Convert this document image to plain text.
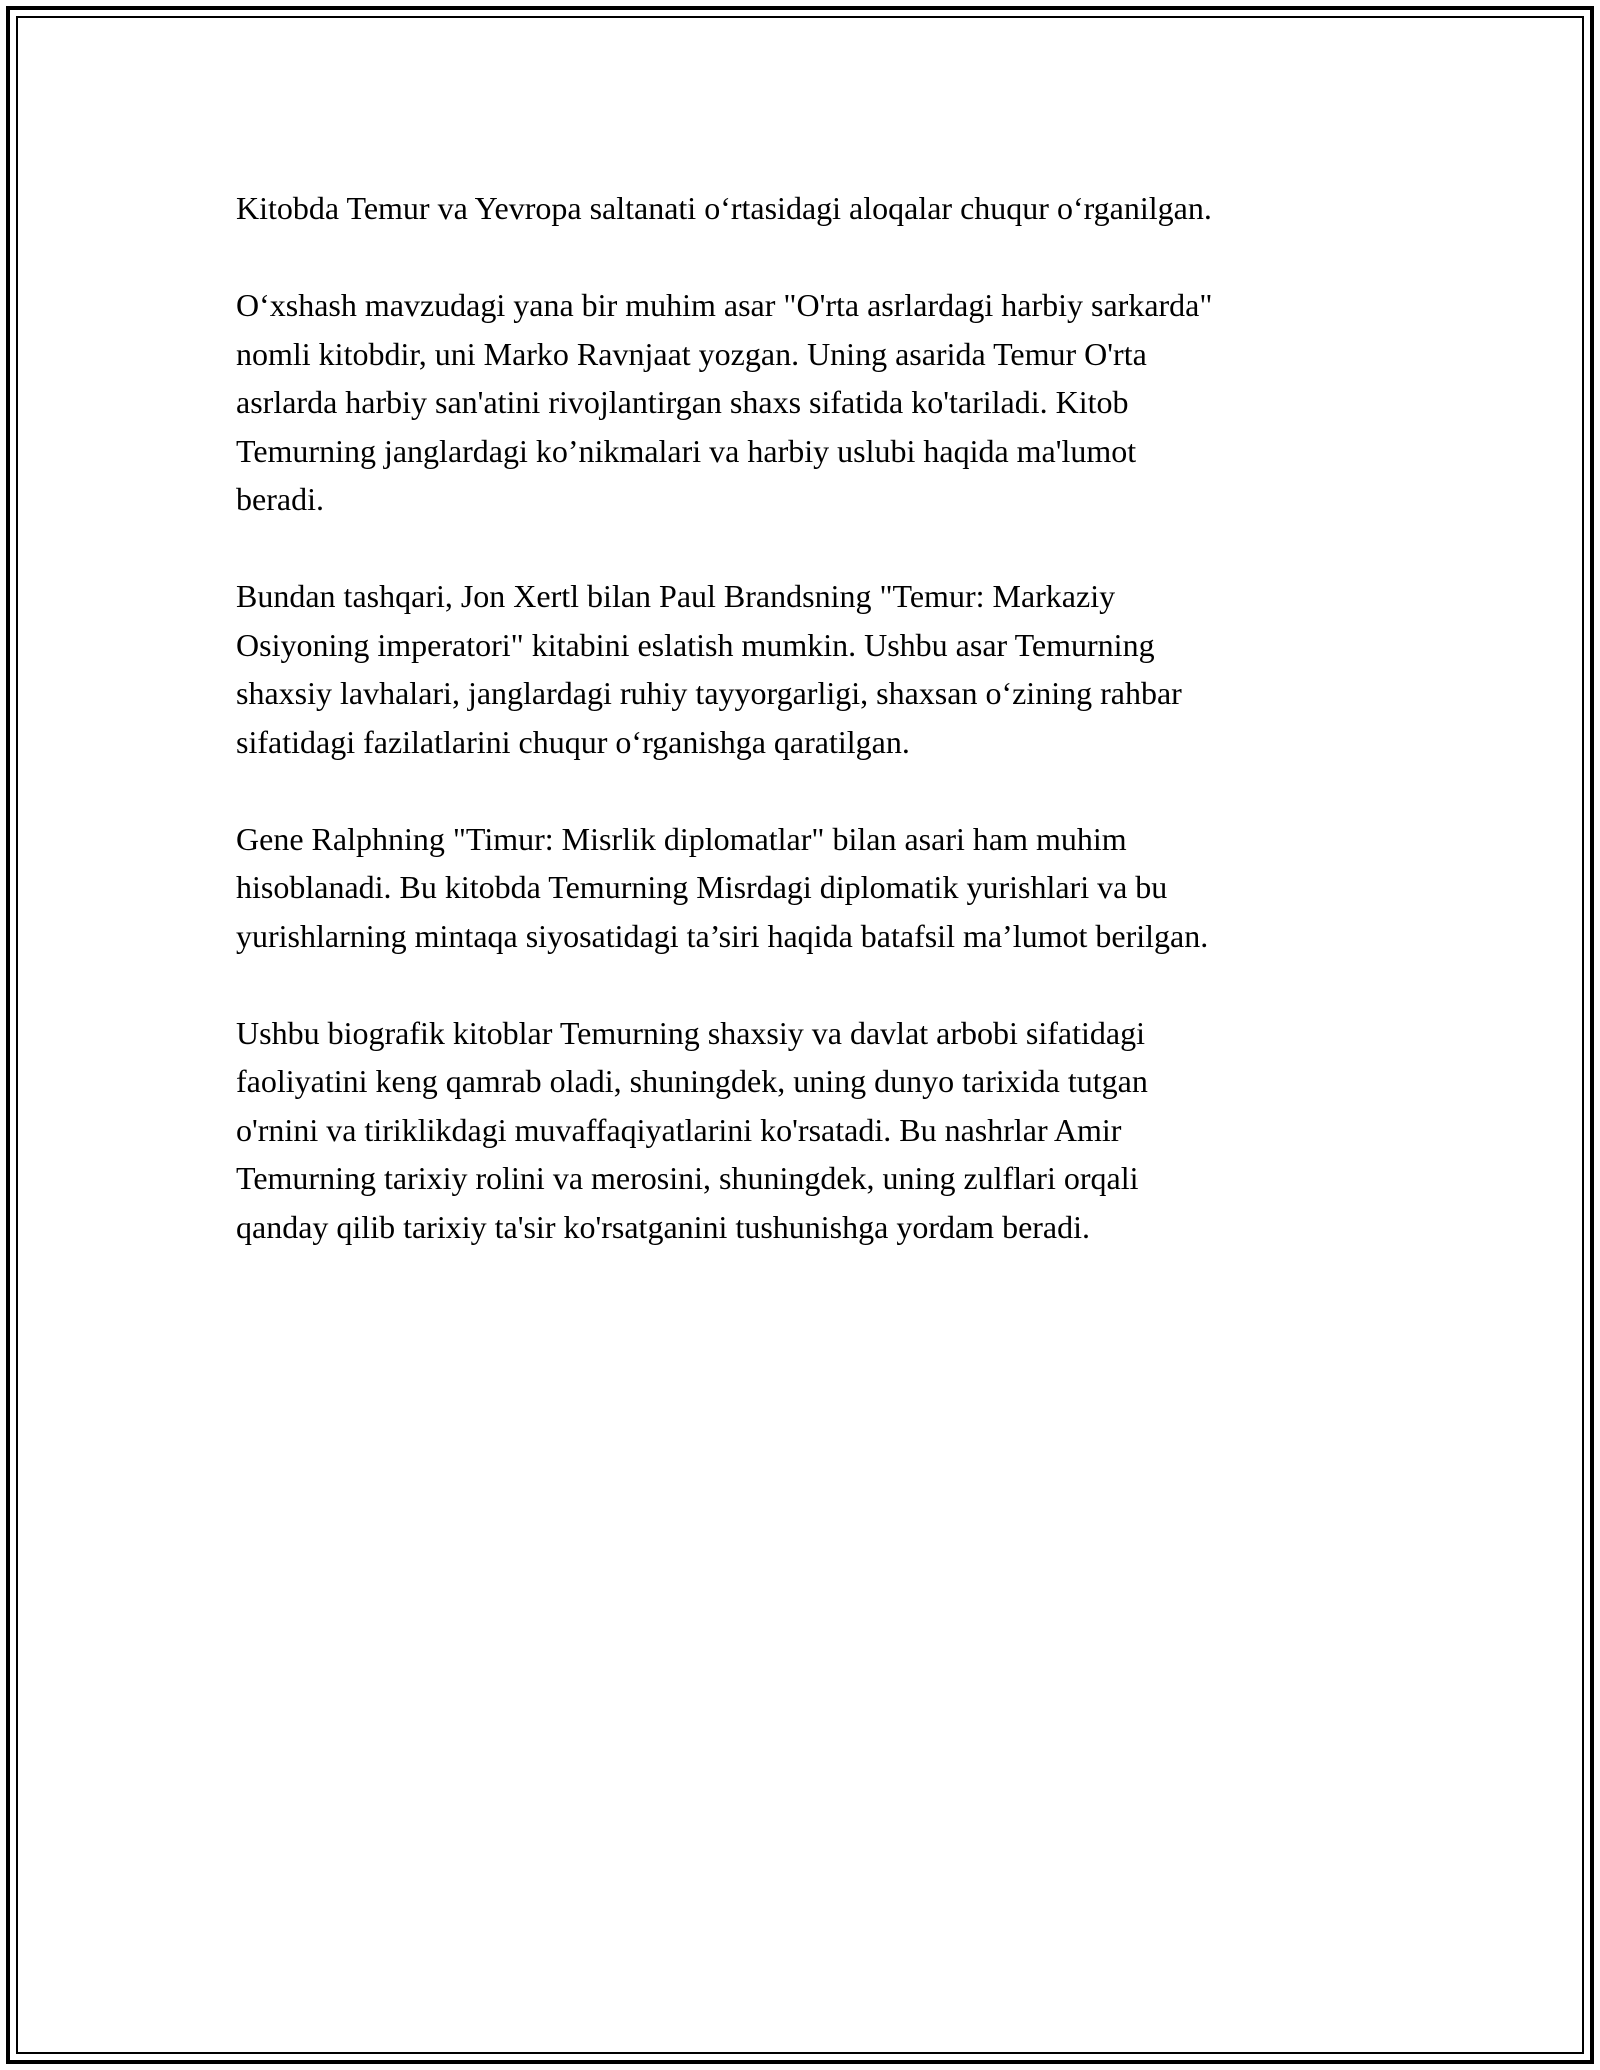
Kitobda Temur va Yevropa saltanati o‘rtasidagi aloqalar chuqur o‘rganilgan.

O‘xshash mavzudagi yana bir muhim asar "O'rta asrlardagi harbiy sarkarda"
nomli kitobdir, uni Marko Ravnjaat yozgan. Uning asarida Temur O'rta
asrlarda harbiy san'atini rivojlantirgan shaxs sifatida ko'tariladi. Kitob
Temurning janglardagi ko’nikmalari va harbiy uslubi haqida ma'lumot
beradi.

Bundan tashqari, Jon Xertl bilan Paul Brandsning "Temur: Markaziy
Osiyoning imperatori" kitabini eslatish mumkin. Ushbu asar Temurning
shaxsiy lavhalari, janglardagi ruhiy tayyorgarligi, shaxsan o‘zining rahbar
sifatidagi fazilatlarini chuqur o‘rganishga qaratilgan.

Gene Ralphning "Timur: Misrlik diplomatlar" bilan asari ham muhim
hisoblanadi. Bu kitobda Temurning Misrdagi diplomatik yurishlari va bu
yurishlarning mintaqa siyosatidagi ta’siri haqida batafsil ma’lumot berilgan.

Ushbu biografik kitoblar Temurning shaxsiy va davlat arbobi sifatidagi
faoliyatini keng qamrab oladi, shuningdek, uning dunyo tarixida tutgan
o'rnini va tiriklikdagi muvaffaqiyatlarini ko'rsatadi. Bu nashrlar Amir
Temurning tarixiy rolini va merosini, shuningdek, uning zulflari orqali
qanday qilib tarixiy ta'sir ko'rsatganini tushunishga yordam beradi.
